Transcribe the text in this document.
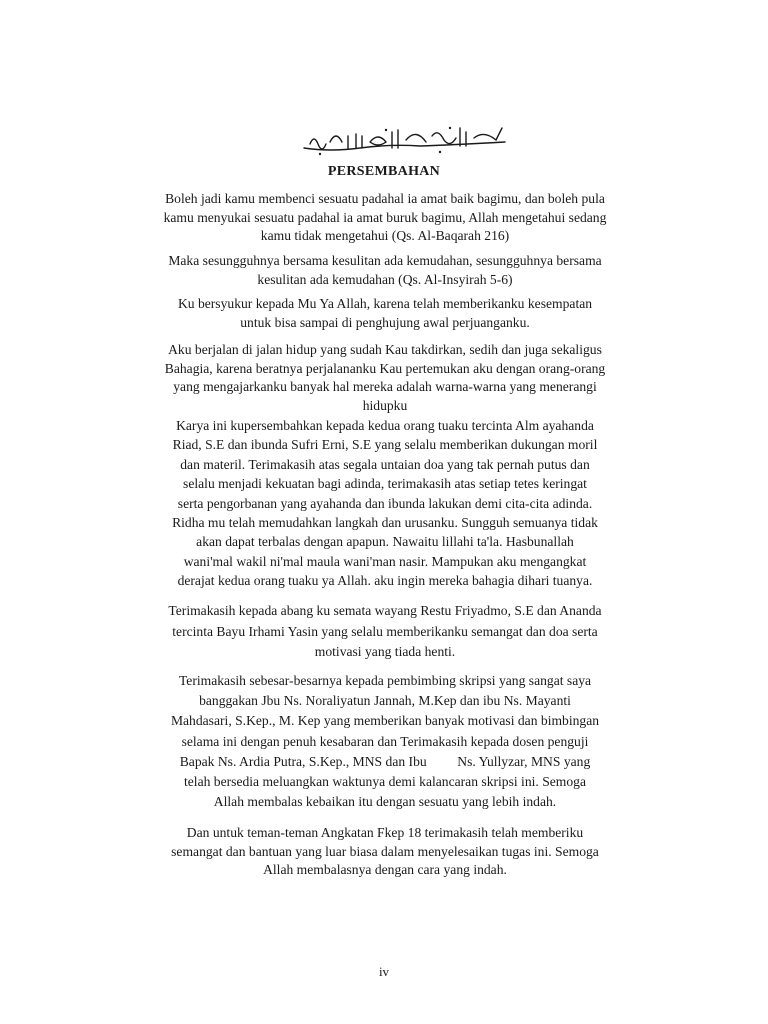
PERSEMBAHAN
Boleh jadi kamu membenci sesuatu padahal ia amat baik bagimu, dan boleh pula
kamu menyukai sesuatu padahal ia amat buruk bagimu, Allah mengetahui sedang
kamu tidak mengetahui (Qs. Al-Baqarah 216)
Maka sesungguhnya bersama kesulitan ada kemudahan, sesungguhnya bersama
kesulitan ada kemudahan (Qs. Al-Insyirah 5-6)
Ku bersyukur kepada Mu Ya Allah, karena telah memberikanku kesempatan
untuk bisa sampai di penghujung awal perjuanganku.
Aku berjalan di jalan hidup yang sudah Kau takdirkan, sedih dan juga sekaligus
Bahagia, karena beratnya perjalananku Kau pertemukan aku dengan orang-orang
yang mengajarkanku banyak hal mereka adalah warna-warna yang menerangi
hidupku
Karya ini kupersembahkan kepada kedua orang tuaku tercinta Alm ayahanda
Riad, S.E dan ibunda Sufri Erni, S.E yang selalu memberikan dukungan moril
dan materil. Terimakasih atas segala untaian doa yang tak pernah putus dan
selalu menjadi kekuatan bagi adinda, terimakasih atas setiap tetes keringat
serta pengorbanan yang ayahanda dan ibunda lakukan demi cita-cita adinda.
Ridha mu telah memudahkan langkah dan urusanku. Sungguh semuanya tidak
akan dapat terbalas dengan apapun. Nawaitu lillahi ta'la. Hasbunallah
wani'mal wakil ni'mal maula wani'man nasir. Mampukan aku mengangkat
derajat kedua orang tuaku ya Allah. aku ingin mereka bahagia dihari tuanya.
Terimakasih kepada abang ku semata wayang Restu Friyadmo, S.E dan Ananda
tercinta Bayu Irhami Yasin yang selalu memberikanku semangat dan doa serta
motivasi yang tiada henti.
Terimakasih sebesar-besarnya kepada pembimbing skripsi yang sangat saya
banggakan Jbu Ns. Noraliyatun Jannah, M.Kep dan ibu Ns. Mayanti
Mahdasari, S.Kep., M. Kep yang memberikan banyak motivasi dan bimbingan
selama ini dengan penuh kesabaran dan Terimakasih kepada dosen penguji
Bapak Ns. Ardia Putra, S.Kep., MNS dan Ibu         Ns. Yullyzar, MNS yang
telah bersedia meluangkan waktunya demi kalancaran skripsi ini. Semoga
Allah membalas kebaikan itu dengan sesuatu yang lebih indah.
Dan untuk teman-teman Angkatan Fkep 18 terimakasih telah memberiku
semangat dan bantuan yang luar biasa dalam menyelesaikan tugas ini. Semoga
Allah membalasnya dengan cara yang indah.
iv
